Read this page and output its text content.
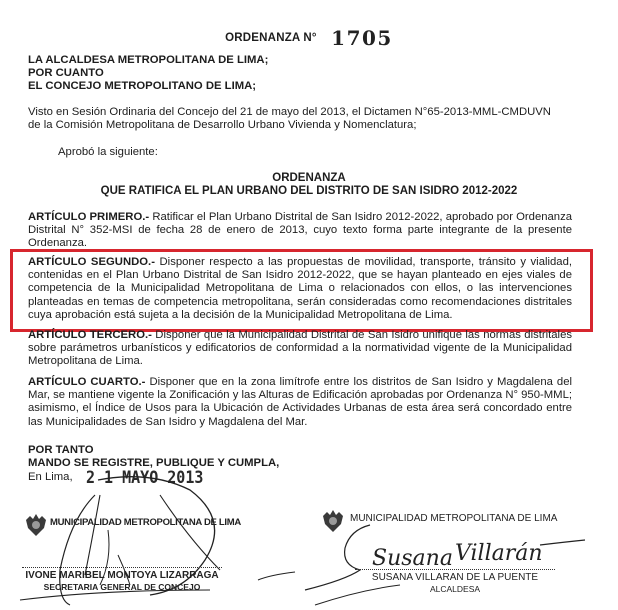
ORDENANZA N° 1705
LA ALCALDESA METROPOLITANA DE LIMA;
POR CUANTO
EL CONCEJO METROPOLITANO DE LIMA;
Visto en Sesión Ordinaria del Concejo del 21 de mayo del 2013, el Dictamen N°65-2013-MML-CMDUVN
de la Comisión Metropolitana de Desarrollo Urbano Vivienda y Nomenclatura;
Aprobó la siguiente:
ORDENANZA
QUE RATIFICA EL PLAN URBANO DEL DISTRITO DE SAN ISIDRO 2012-2022
ARTÍCULO PRIMERO.- Ratificar el Plan Urbano Distrital de San Isidro 2012-2022, aprobado por Ordenanza Distrital N° 352-MSI de fecha 28 de enero de 2013, cuyo texto forma parte integrante de la presente Ordenanza.
ARTÍCULO SEGUNDO.- Disponer respecto a las propuestas de movilidad, transporte, tránsito y vialidad, contenidas en el Plan Urbano Distrital de San Isidro 2012-2022, que se hayan planteado en ejes viales de competencia de la Municipalidad Metropolitana de Lima o relacionados con ellos, o las intervenciones planteadas en temas de competencia metropolitana, serán consideradas como recomendaciones distritales cuya aprobación está sujeta a la decisión de la Municipalidad Metropolitana de Lima.
ARTÍCULO TERCERO.- Disponer que la Municipalidad Distrital de San Isidro unifique las normas distritales sobre parámetros urbanísticos y edificatorios de conformidad a la normatividad vigente de la Municipalidad Metropolitana de Lima.
ARTÍCULO CUARTO.- Disponer que en la zona limítrofe entre los distritos de San Isidro y Magdalena del Mar, se mantiene vigente la Zonificación y las Alturas de Edificación aprobadas por Ordenanza N° 950-MML; asimismo, el Índice de Usos para la Ubicación de Actividades Urbanas de esta área será concordado entre las Municipalidades de San Isidro y Magdalena del Mar.
POR TANTO
MANDO SE REGISTRE, PUBLIQUE Y CUMPLA,
En Lima, 2 1 MAYO 2013
MUNICIPALIDAD METROPOLITANA DE LIMA
IVONE MARIBEL MONTOYA LIZARRAGA
SECRETARIA GENERAL DE CONCEJO
MUNICIPALIDAD METROPOLITANA DE LIMA
Susana Villarán
SUSANA VILLARAN DE LA PUENTE
ALCALDESA
